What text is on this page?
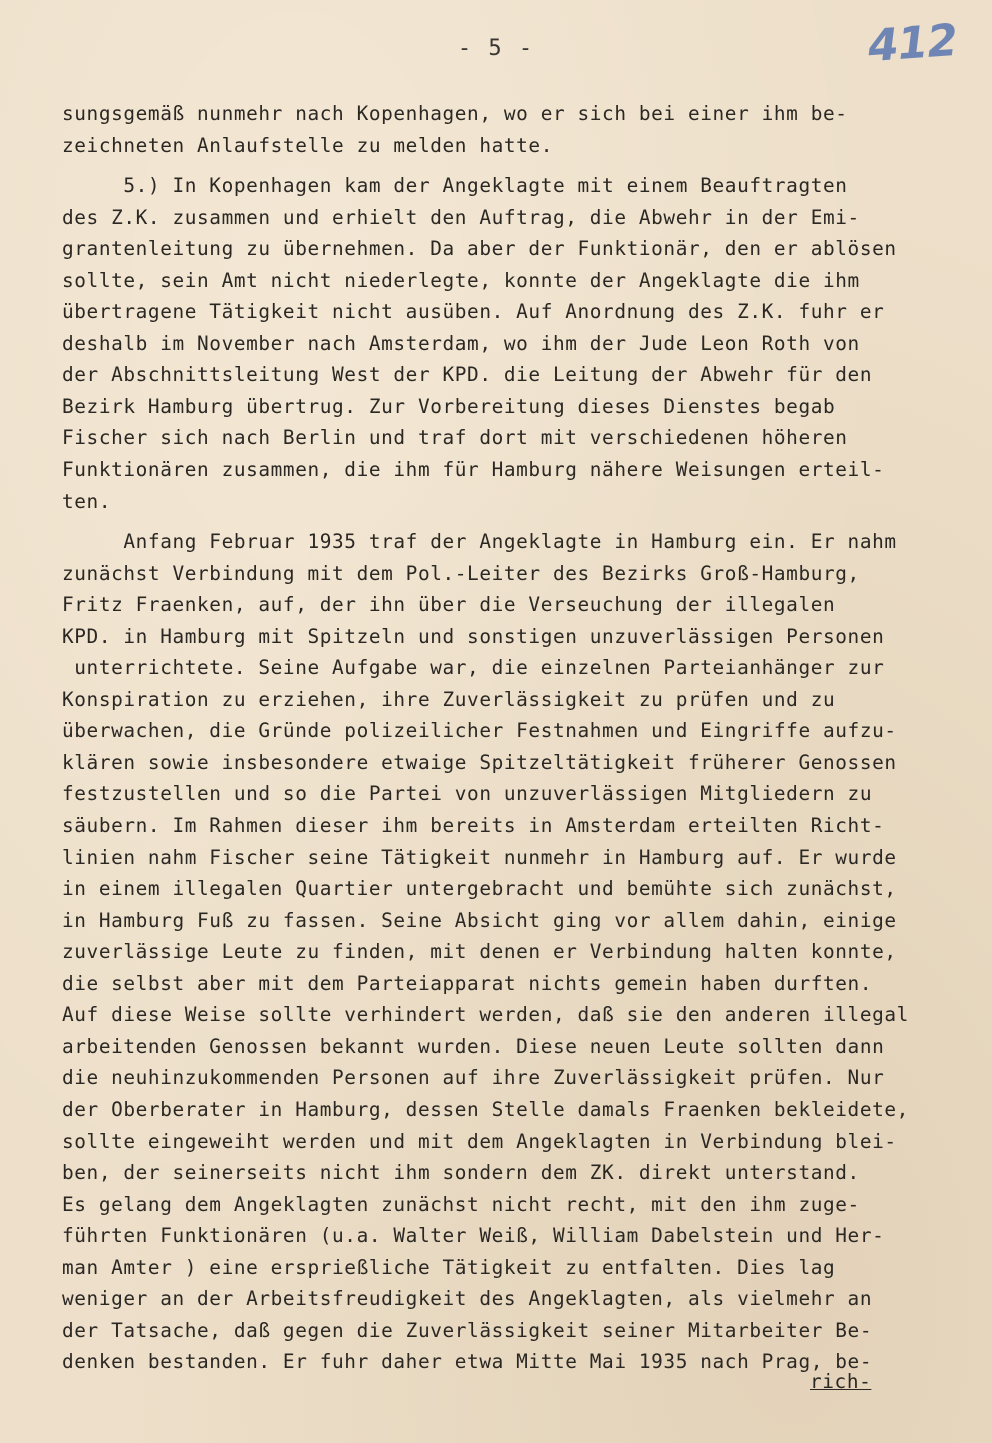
- 5 -	412
sungsgemäß nunmehr nach Kopenhagen, wo er sich bei einer ihm be-
zeichneten Anlaufstelle zu melden hatte.
5.) In Kopenhagen kam der Angeklagte mit einem Beauftragten
des Z.K. zusammen und erhielt den Auftrag, die Abwehr in der Emi-
grantenleitung zu übernehmen. Da aber der Funktionär, den er ablösen
sollte, sein Amt nicht niederlegte, konnte der Angeklagte die ihm
übertragene Tätigkeit nicht ausüben. Auf Anordnung des Z.K. fuhr er
deshalb im November nach Amsterdam, wo ihm der Jude Leon Roth von
der Abschnittsleitung West der KPD. die Leitung der Abwehr für den
Bezirk Hamburg übertrug. Zur Vorbereitung dieses Dienstes begab
Fischer sich nach Berlin und traf dort mit verschiedenen höheren
Funktionären zusammen, die ihm für Hamburg nähere Weisungen erteil-
ten.
Anfang Februar 1935 traf der Angeklagte in Hamburg ein. Er nahm
zunächst Verbindung mit dem Pol.-Leiter des Bezirks Groß-Hamburg,
Fritz Fraenken, auf, der ihn über die Verseuchung der illegalen
KPD. in Hamburg mit Spitzeln und sonstigen unzuverlässigen Personen
unterrichtete. Seine Aufgabe war, die einzelnen Parteianhänger zur
Konspiration zu erziehen, ihre Zuverlässigkeit zu prüfen und zu
überwachen, die Gründe polizeilicher Festnahmen und Eingriffe aufzu-
klären sowie insbesondere etwaige Spitzeltätigkeit früherer Genossen
festzustellen und so die Partei von unzuverlässigen Mitgliedern zu
säubern. Im Rahmen dieser ihm bereits in Amsterdam erteilten Richt-
linien nahm Fischer seine Tätigkeit nunmehr in Hamburg auf. Er wurde
in einem illegalen Quartier untergebracht und bemühte sich zunächst,
in Hamburg Fuß zu fassen. Seine Absicht ging vor allem dahin, einige
zuverlässige Leute zu finden, mit denen er Verbindung halten konnte,
die selbst aber mit dem Parteiapparat nichts gemein haben durften.
Auf diese Weise sollte verhindert werden, daß sie den anderen illegal
arbeitenden Genossen bekannt wurden. Diese neuen Leute sollten dann
die neuhinzukommenden Personen auf ihre Zuverlässigkeit prüfen. Nur
der Oberberater in Hamburg, dessen Stelle damals Fraenken bekleidete,
sollte eingeweiht werden und mit dem Angeklagten in Verbindung blei-
ben, der seinerseits nicht ihm sondern dem ZK. direkt unterstand.
Es gelang dem Angeklagten zunächst nicht recht, mit den ihm zuge-
führten Funktionären (u.a. Walter Weiß, William Dabelstein und Her-
man Amter ) eine ersprießliche Tätigkeit zu entfalten. Dies lag
weniger an der Arbeitsfreudigkeit des Angeklagten, als vielmehr an
der Tatsache, daß gegen die Zuverlässigkeit seiner Mitarbeiter Be-
denken bestanden. Er fuhr daher etwa Mitte Mai 1935 nach Prag, be-
rich-
